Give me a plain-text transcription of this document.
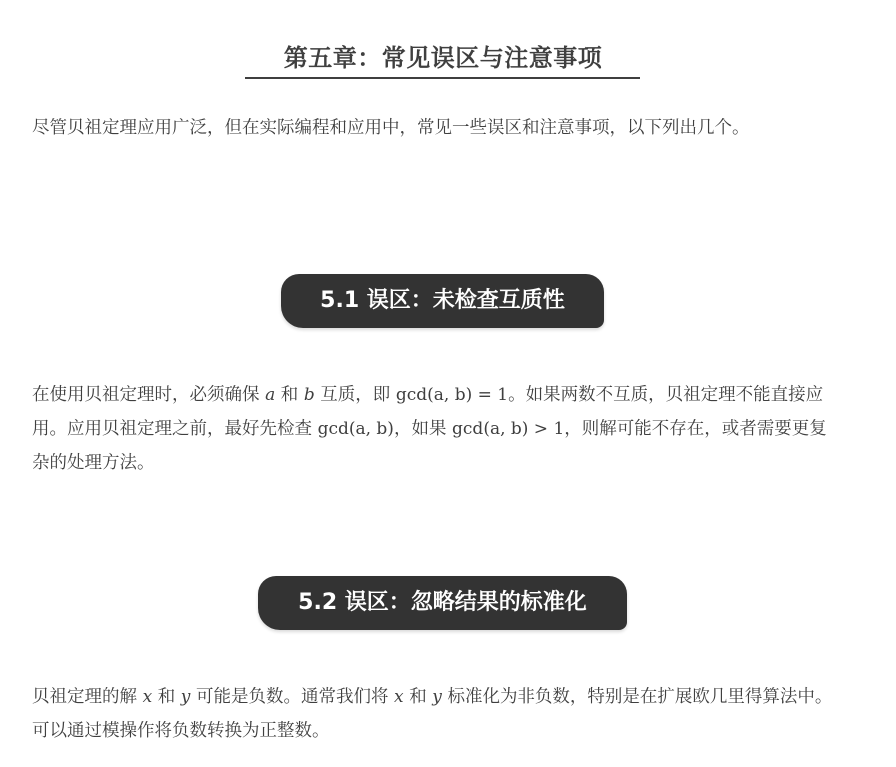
第五章：常见误区与注意事项

尽管贝祖定理应用广泛，但在实际编程和应用中，常见一些误区和注意事项，以下列出几个。

5.1 误区：未检查互质性

在使用贝祖定理时，必须确保 a 和 b 互质，即 gcd(a, b) = 1。如果两数不互质，贝祖定理不能直接应用。应用贝祖定理之前，最好先检查 gcd(a, b)，如果 gcd(a, b) > 1，则解可能不存在，或者需要更复杂的处理方法。

5.2 误区：忽略结果的标准化

贝祖定理的解 x 和 y 可能是负数。通常我们将 x 和 y 标准化为非负数，特别是在扩展欧几里得算法中。可以通过模操作将负数转换为正整数。
